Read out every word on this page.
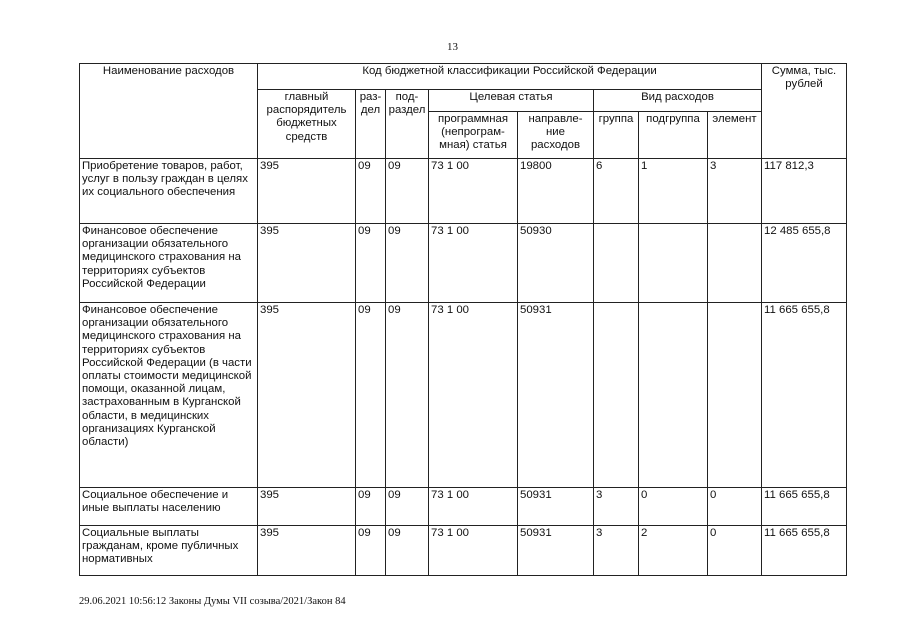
13
Наименование расходов	Код бюджетной классификации Российской Федерации								Сумма, тыс. рублей
	главный распорядитель бюджетных средств	раз-дел	под-раздел	Целевая статья		Вид расходов			
				программная (непрограм-мная) статья	направле-ние расходов	группа	подгруппа	элемент	
Приобретение товаров, работ, услуг в пользу граждан в целях их социального обеспечения	395	09	09	73 1 00	19800	6	1	3	117 812,3
Финансовое обеспечение организации обязательного медицинского страхования на территориях субъектов Российской Федерации	395	09	09	73 1 00	50930				12 485 655,8
Финансовое обеспечение организации обязательного медицинского страхования на территориях субъектов Российской Федерации (в части оплаты стоимости медицинской помощи, оказанной лицам, застрахованным в Курганской области, в медицинских организациях Курганской области)	395	09	09	73 1 00	50931				11 665 655,8
Социальное обеспечение и иные выплаты населению	395	09	09	73 1 00	50931	3	0	0	11 665 655,8
Социальные выплаты гражданам, кроме публичных нормативных	395	09	09	73 1 00	50931	3	2	0	11 665 655,8
29.06.2021 10:56:12 Законы Думы VII созыва/2021/Закон 84
